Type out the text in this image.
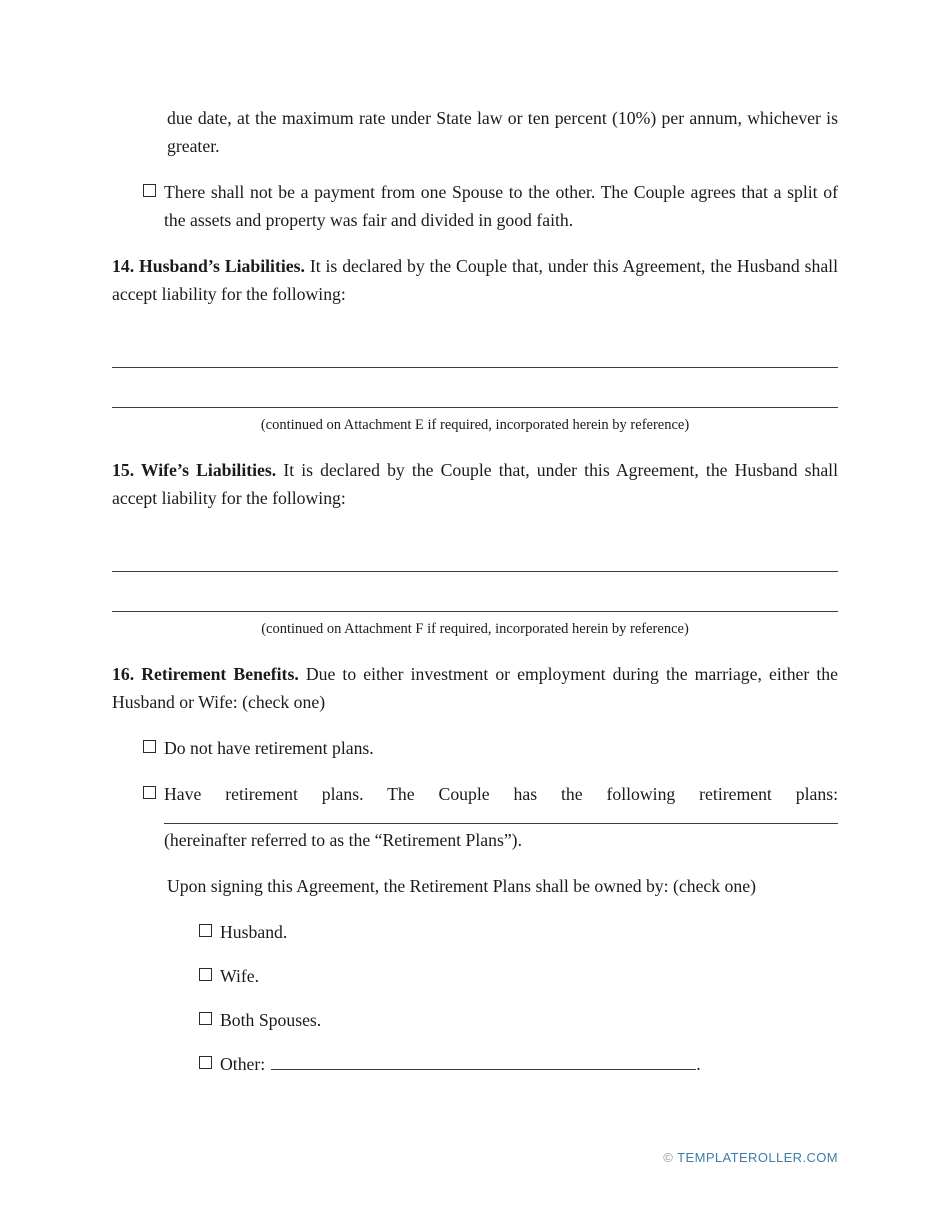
due date, at the maximum rate under State law or ten percent (10%) per annum, whichever is greater.

There shall not be a payment from one Spouse to the other. The Couple agrees that a split of the assets and property was fair and divided in good faith.

14. Husband’s Liabilities. It is declared by the Couple that, under this Agreement, the Husband shall accept liability for the following:

(continued on Attachment E if required, incorporated herein by reference)

15. Wife’s Liabilities. It is declared by the Couple that, under this Agreement, the Husband shall accept liability for the following:

(continued on Attachment F if required, incorporated herein by reference)

16. Retirement Benefits. Due to either investment or employment during the marriage, either the Husband or Wife: (check one)

Do not have retirement plans.
Have retirement plans. The Couple has the following retirement plans:
(hereinafter referred to as the “Retirement Plans”).

Upon signing this Agreement, the Retirement Plans shall be owned by: (check one)

Husband.
Wife.
Both Spouses.
Other:	.
© TEMPLATEROLLER.COM
